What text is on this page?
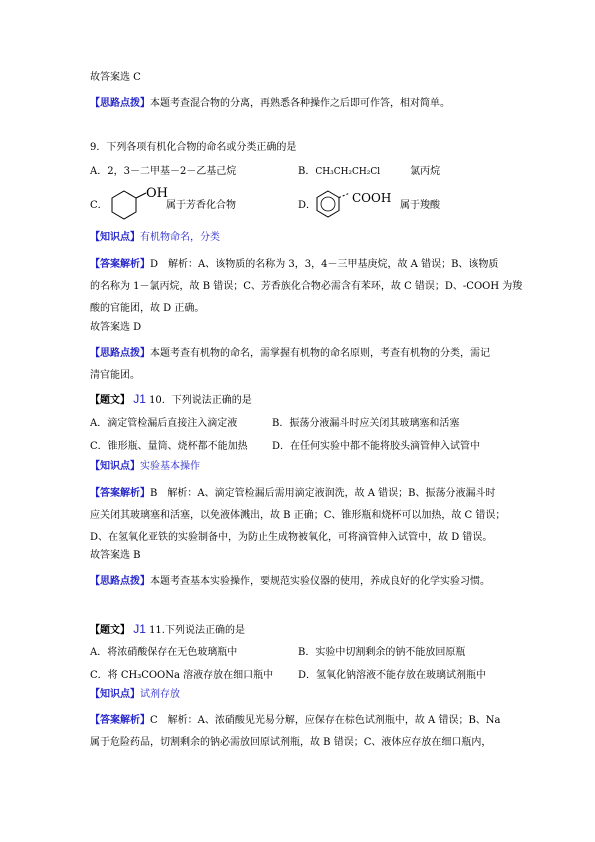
故答案选 C
【思路点拨】本题考查混合物的分离，再熟悉各种操作之后即可作答，相对简单。
9．下列各项有机化合物的命名或分类正确的是
A．2，3－二甲基－2－乙基己烷	B．CH₃CH₂CH₂Cl	氯丙烷
C．
OH
属于芳香化合物	D．
COOH
属于羧酸
【知识点】有机物命名，分类
【答案解析】D　解析：A、该物质的名称为 3，3，4－三甲基庚烷，故 A 错误；B、该物质
的名称为 1－氯丙烷，故 B 错误；C、芳香族化合物必需含有苯环，故 C 错误；D、-COOH 为羧
酸的官能团，故 D 正确。
故答案选 D
【思路点拨】本题考查有机物的命名，需掌握有机物的命名原则，考查有机物的分类，需记
清官能团。
【题文】 J1 10．下列说法正确的是
A．滴定管检漏后直接注入滴定液	B．振荡分液漏斗时应关闭其玻璃塞和活塞
C．锥形瓶、量筒、烧杯都不能加热 D．在任何实验中都不能将胶头滴管伸入试管中
【知识点】实验基本操作
【答案解析】B　解析：A、滴定管检漏后需用滴定液润洗，故 A 错误；B、振荡分液漏斗时
应关闭其玻璃塞和活塞，以免液体溅出，故 B 正确；C、锥形瓶和烧杯可以加热，故 C 错误；
D、在氢氧化亚铁的实验制备中，为防止生成物被氧化，可将滴管伸入试管中，故 D 错误。
故答案选 B
【思路点拨】本题考查基本实验操作，要规范实验仪器的使用，养成良好的化学实验习惯。
【题文】 J1 11.下列说法正确的是
A．将浓硝酸保存在无色玻璃瓶中	B．实验中切割剩余的钠不能放回原瓶
C．将 CH₃COONa 溶液存放在细口瓶中 D．氢氧化钠溶液不能存放在玻璃试剂瓶中
【知识点】试剂存放
【答案解析】C　解析：A、浓硝酸见光易分解，应保存在棕色试剂瓶中，故 A 错误；B、Na
属于危险药品，切割剩余的钠必需放回原试剂瓶，故 B 错误；C、液体应存放在细口瓶内，
